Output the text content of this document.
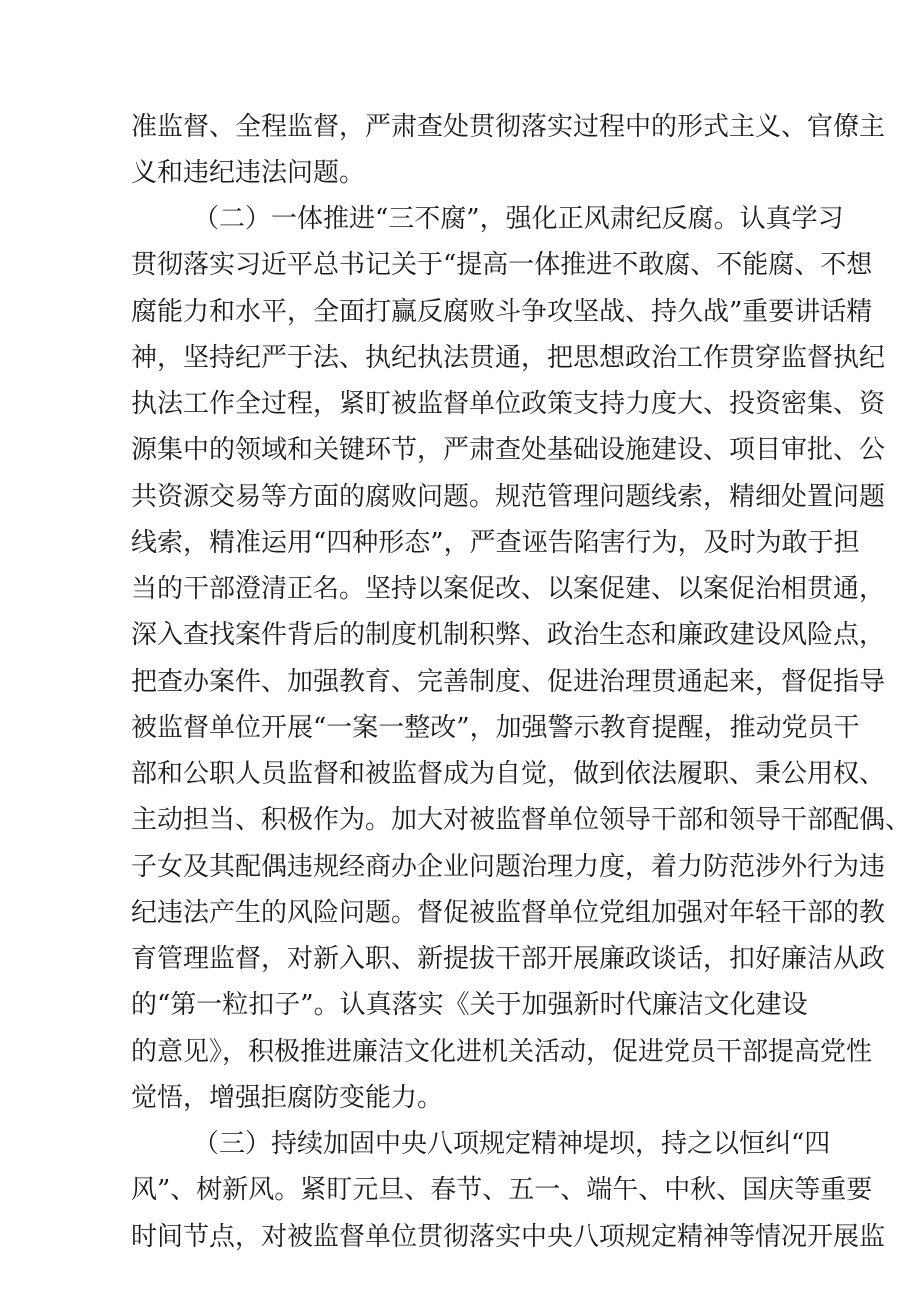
准监督、全程监督，严肃查处贯彻落实过程中的形式主义、官僚主
义和违纪违法问题。
（二）一体推进“三不腐”，强化正风肃纪反腐。认真学习
贯彻落实习近平总书记关于“提高一体推进不敢腐、不能腐、不想
腐能力和水平，全面打赢反腐败斗争攻坚战、持久战”重要讲话精
神，坚持纪严于法、执纪执法贯通，把思想政治工作贯穿监督执纪
执法工作全过程，紧盯被监督单位政策支持力度大、投资密集、资
源集中的领域和关键环节，严肃查处基础设施建设、项目审批、公
共资源交易等方面的腐败问题。规范管理问题线索，精细处置问题
线索，精准运用“四种形态”，严查诬告陷害行为，及时为敢于担
当的干部澄清正名。坚持以案促改、以案促建、以案促治相贯通，
深入查找案件背后的制度机制积弊、政治生态和廉政建设风险点，
把查办案件、加强教育、完善制度、促进治理贯通起来，督促指导
被监督单位开展“一案一整改”，加强警示教育提醒，推动党员干
部和公职人员监督和被监督成为自觉，做到依法履职、秉公用权、
主动担当、积极作为。加大对被监督单位领导干部和领导干部配偶、
子女及其配偶违规经商办企业问题治理力度，着力防范涉外行为违
纪违法产生的风险问题。督促被监督单位党组加强对年轻干部的教
育管理监督，对新入职、新提拔干部开展廉政谈话，扣好廉洁从政
的“第一粒扣子”。认真落实《关于加强新时代廉洁文化建设
的意见》，积极推进廉洁文化进机关活动，促进党员干部提高党性
觉悟，增强拒腐防变能力。
（三）持续加固中央八项规定精神堤坝，持之以恒纠“四
风”、树新风。紧盯元旦、春节、五一、端午、中秋、国庆等重要
时间节点，对被监督单位贯彻落实中央八项规定精神等情况开展监
